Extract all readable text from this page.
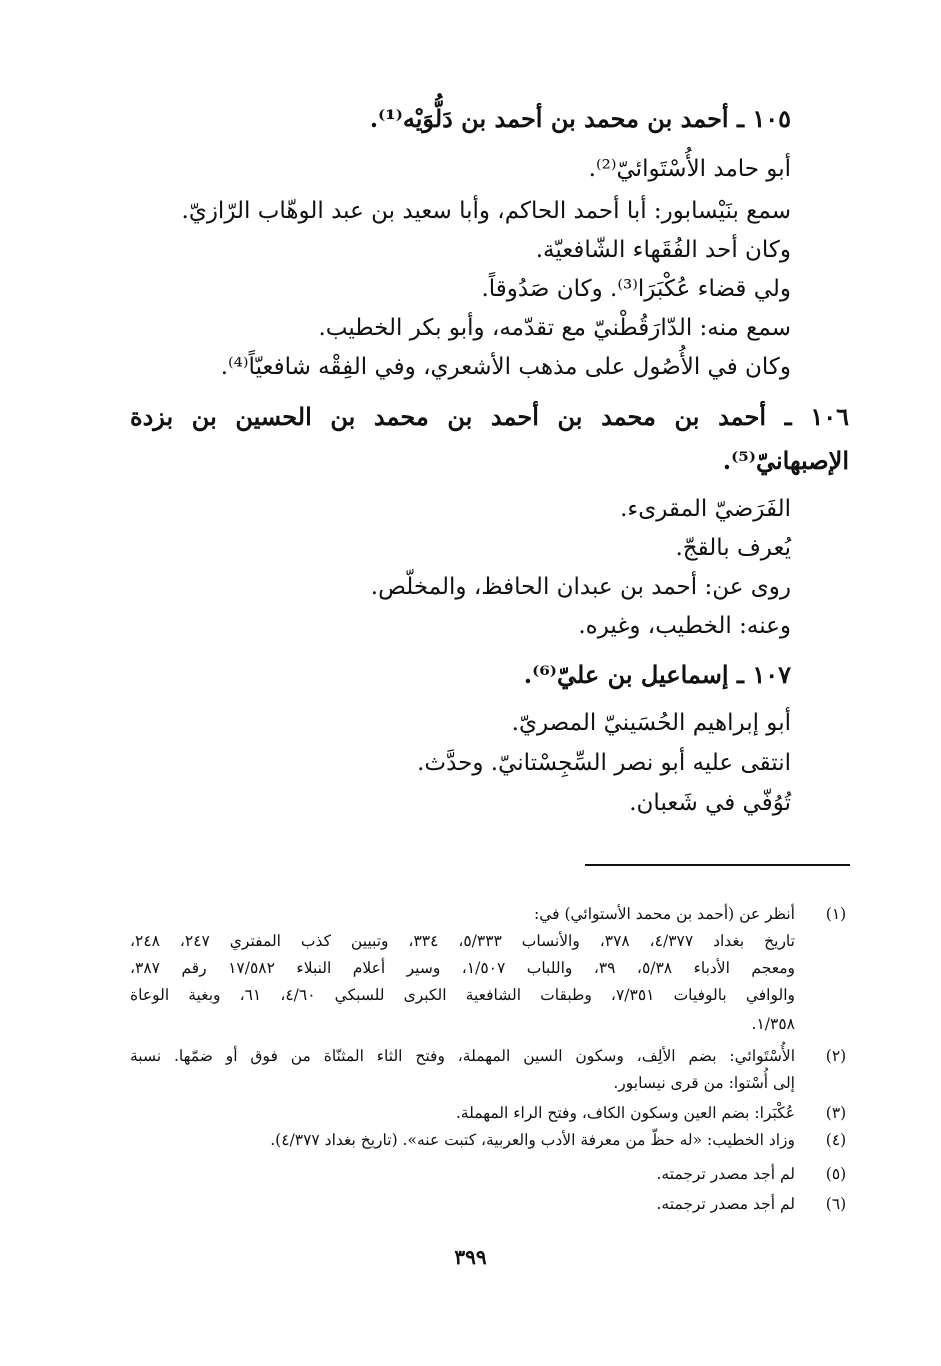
١٠٥ ـ أحمد بن محمد بن أحمد بن دَلُّوَيْه⁽¹⁾.
أبو حامد الأُسْتَوائيّ⁽²⁾.
سمع بنَيْسابور: أبا أحمد الحاكم، وأبا سعيد بن عبد الوهّاب الرّازيّ.
وكان أحد الفُقَهاء الشّافعيّة.
ولي قضاء عُكْبَرَا⁽³⁾. وكان صَدُوقاً.
سمع منه: الدّارَقُطْنيّ مع تقدّمه، وأبو بكر الخطيب.
وكان في الأُصُول على مذهب الأشعري، وفي الفِقْه شافعيّاً⁽⁴⁾.
١٠٦ ـ أحمد بن محمد بن أحمد بن محمد بن الحسين بن بزدة
الإصبهانيّ⁽⁵⁾.
الفَرَضيّ المقرىء.
يُعرف بالقجّ.
روى عن: أحمد بن عبدان الحافظ، والمخلّص.
وعنه: الخطيب، وغيره.
١٠٧ ـ إسماعيل بن عليّ⁽⁶⁾.
أبو إبراهيم الحُسَينيّ المصريّ.
انتقى عليه أبو نصر السِّجِسْتانيّ. وحدَّث.
تُوُفّي في شَعبان.
(١)
أنظر عن (أحمد بن محمد الأستوائي) في:
تاريخ بغداد ٤/٣٧٧، ٣٧٨، والأنساب ٥/٣٣٣، ٣٣٤، وتبيين كذب المفتري ٢٤٧، ٢٤٨،
ومعجم الأدباء ٥/٣٨، ٣٩، واللباب ١/٥٠٧، وسير أعلام النبلاء ١٧/٥٨٢ رقم ٣٨٧،
والوافي بالوفيات ٧/٣٥١، وطبقات الشافعية الكبرى للسبكي ٤/٦٠، ٦١، وبغية الوعاة
١/٣٥٨.
(٢)
الأُسْتَوائي: بضم الألِف، وسكون السين المهملة، وفتح الثاء المثنّاة من فوق أو ضمّها. نسبة
إلى أُسْتوا: من قرى نيسابور.
(٣)
عُكْبَرا: بضم العين وسكون الكاف، وفتح الراء المهملة.
(٤)
وزاد الخطيب: «له حظّ من معرفة الأدب والعربية، كتبت عنه». (تاريخ بغداد ٤/٣٧٧).
(٥)
لم أجد مصدر ترجمته.
(٦)
لم أجد مصدر ترجمته.
٣٩٩
